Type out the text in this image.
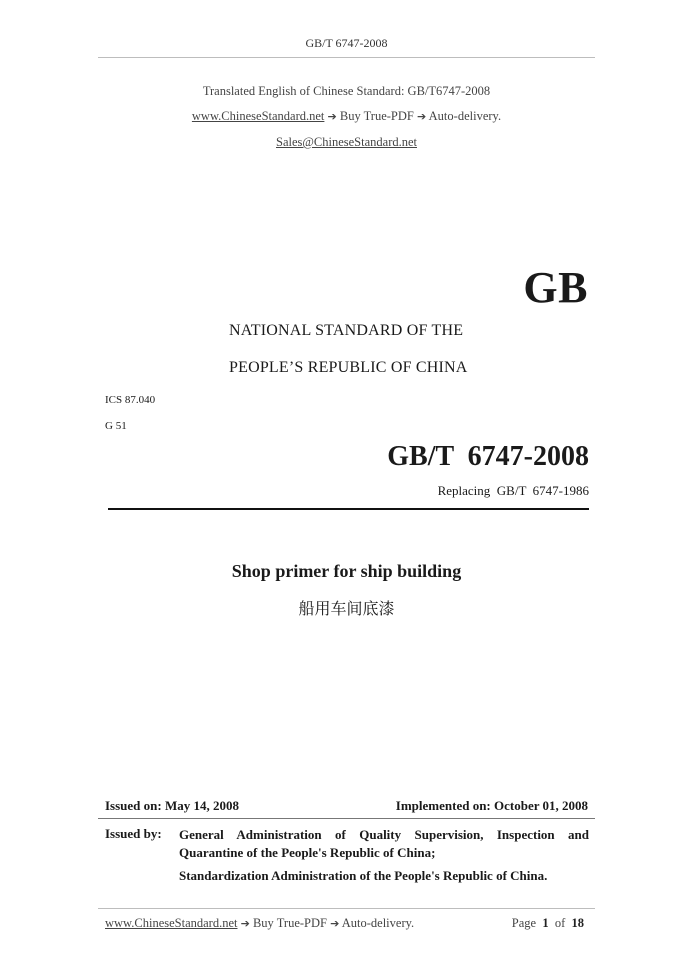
GB/T 6747-2008
Translated English of Chinese Standard: GB/T6747-2008
www.ChineseStandard.net ➔ Buy True-PDF ➔ Auto-delivery.
Sales@ChineseStandard.net
GB
NATIONAL STANDARD OF THE
PEOPLE’S REPUBLIC OF CHINA
ICS 87.040
G 51
GB/T  6747-2008
Replacing  GB/T  6747-1986
Shop primer for ship building
船用车间底漆
Issued on: May 14, 2008	Implemented on: October 01, 2008
Issued by: General Administration of Quality Supervision, Inspection and Quarantine of the People's Republic of China;
Standardization Administration of the People's Republic of China.
www.ChineseStandard.net ➔ Buy True-PDF ➔ Auto-delivery.	Page 1 of 18
